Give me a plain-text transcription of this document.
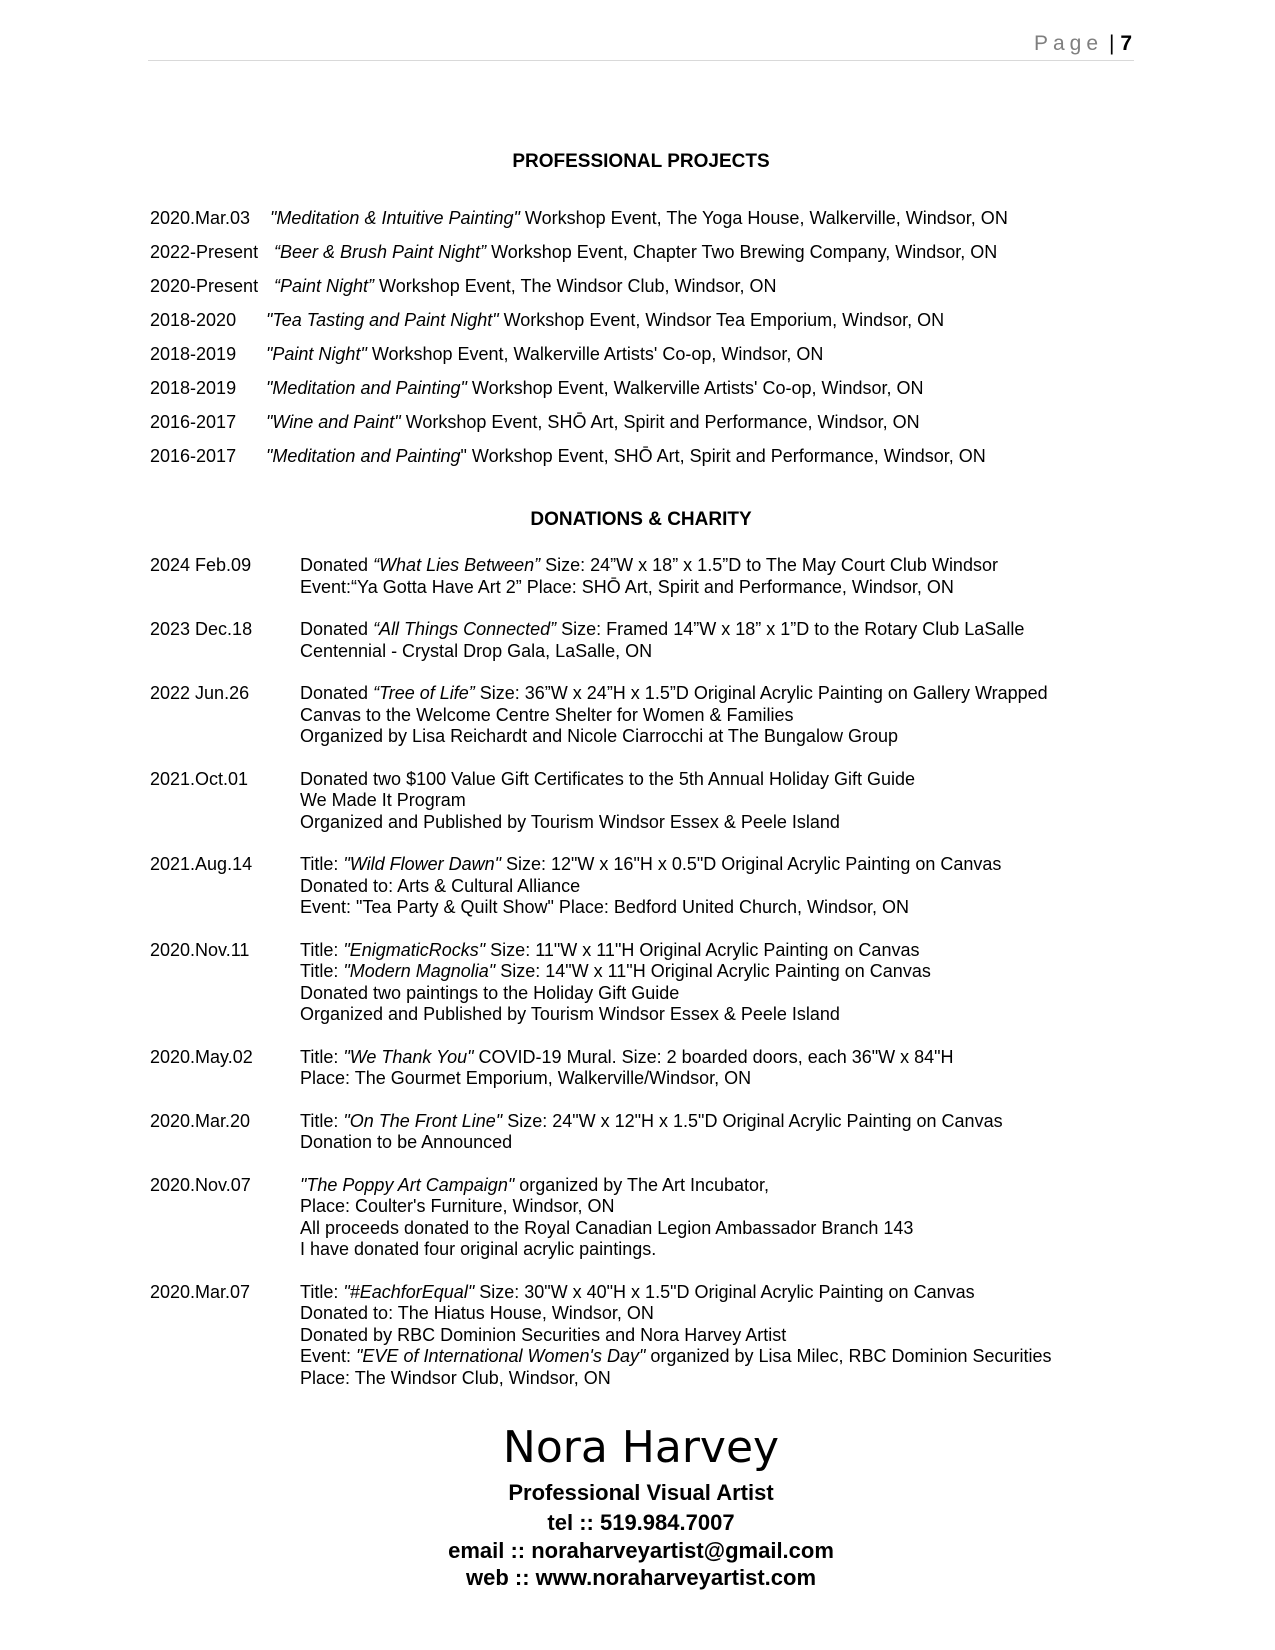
Page | 7
PROFESSIONAL PROJECTS
2020.Mar.03 "Meditation & Intuitive Painting" Workshop Event, The Yoga House, Walkerville, Windsor, ON
2022-Present “Beer & Brush Paint Night” Workshop Event, Chapter Two Brewing Company, Windsor, ON
2020-Present “Paint Night” Workshop Event, The Windsor Club, Windsor, ON
2018-2020 "Tea Tasting and Paint Night" Workshop Event, Windsor Tea Emporium, Windsor, ON
2018-2019 "Paint Night" Workshop Event, Walkerville Artists' Co-op, Windsor, ON
2018-2019 "Meditation and Painting" Workshop Event, Walkerville Artists' Co-op, Windsor, ON
2016-2017 "Wine and Paint" Workshop Event, SHŌ Art, Spirit and Performance, Windsor, ON
2016-2017 "Meditation and Painting" Workshop Event, SHŌ Art, Spirit and Performance, Windsor, ON
DONATIONS & CHARITY
2024 Feb.09	Donated “What Lies Between” Size: 24”W x 18” x 1.5”D to The May Court Club Windsor
Event:“Ya Gotta Have Art 2” Place: SHŌ Art, Spirit and Performance, Windsor, ON
2023 Dec.18	Donated “All Things Connected” Size: Framed 14”W x 18” x 1”D to the Rotary Club LaSalle
Centennial - Crystal Drop Gala, LaSalle, ON
2022 Jun.26	Donated “Tree of Life” Size: 36”W x 24”H x 1.5”D Original Acrylic Painting on Gallery Wrapped
Canvas to the Welcome Centre Shelter for Women & Families
Organized by Lisa Reichardt and Nicole Ciarrocchi at The Bungalow Group
2021.Oct.01	Donated two $100 Value Gift Certificates to the 5th Annual Holiday Gift Guide
We Made It Program
Organized and Published by Tourism Windsor Essex & Peele Island
2021.Aug.14	Title: "Wild Flower Dawn" Size: 12"W x 16"H x 0.5"D Original Acrylic Painting on Canvas
Donated to: Arts & Cultural Alliance
Event: "Tea Party & Quilt Show" Place: Bedford United Church, Windsor, ON
2020.Nov.11	Title: "EnigmaticRocks" Size: 11"W x 11"H Original Acrylic Painting on Canvas
Title: "Modern Magnolia" Size: 14"W x 11"H Original Acrylic Painting on Canvas
Donated two paintings to the Holiday Gift Guide
Organized and Published by Tourism Windsor Essex & Peele Island
2020.May.02	Title: "We Thank You" COVID-19 Mural. Size: 2 boarded doors, each 36"W x 84"H
Place: The Gourmet Emporium, Walkerville/Windsor, ON
2020.Mar.20	Title: "On The Front Line" Size: 24"W x 12"H x 1.5"D Original Acrylic Painting on Canvas
Donation to be Announced
2020.Nov.07	"The Poppy Art Campaign" organized by The Art Incubator,
Place: Coulter's Furniture, Windsor, ON
All proceeds donated to the Royal Canadian Legion Ambassador Branch 143
I have donated four original acrylic paintings.
2020.Mar.07	Title: "#EachforEqual" Size: 30"W x 40"H x 1.5"D Original Acrylic Painting on Canvas
Donated to: The Hiatus House, Windsor, ON
Donated by RBC Dominion Securities and Nora Harvey Artist
Event: "EVE of International Women's Day" organized by Lisa Milec, RBC Dominion Securities
Place: The Windsor Club, Windsor, ON
Nora Harvey
Professional Visual Artist
tel :: 519.984.7007
email :: noraharveyartist@gmail.com
web :: www.noraharveyartist.com
